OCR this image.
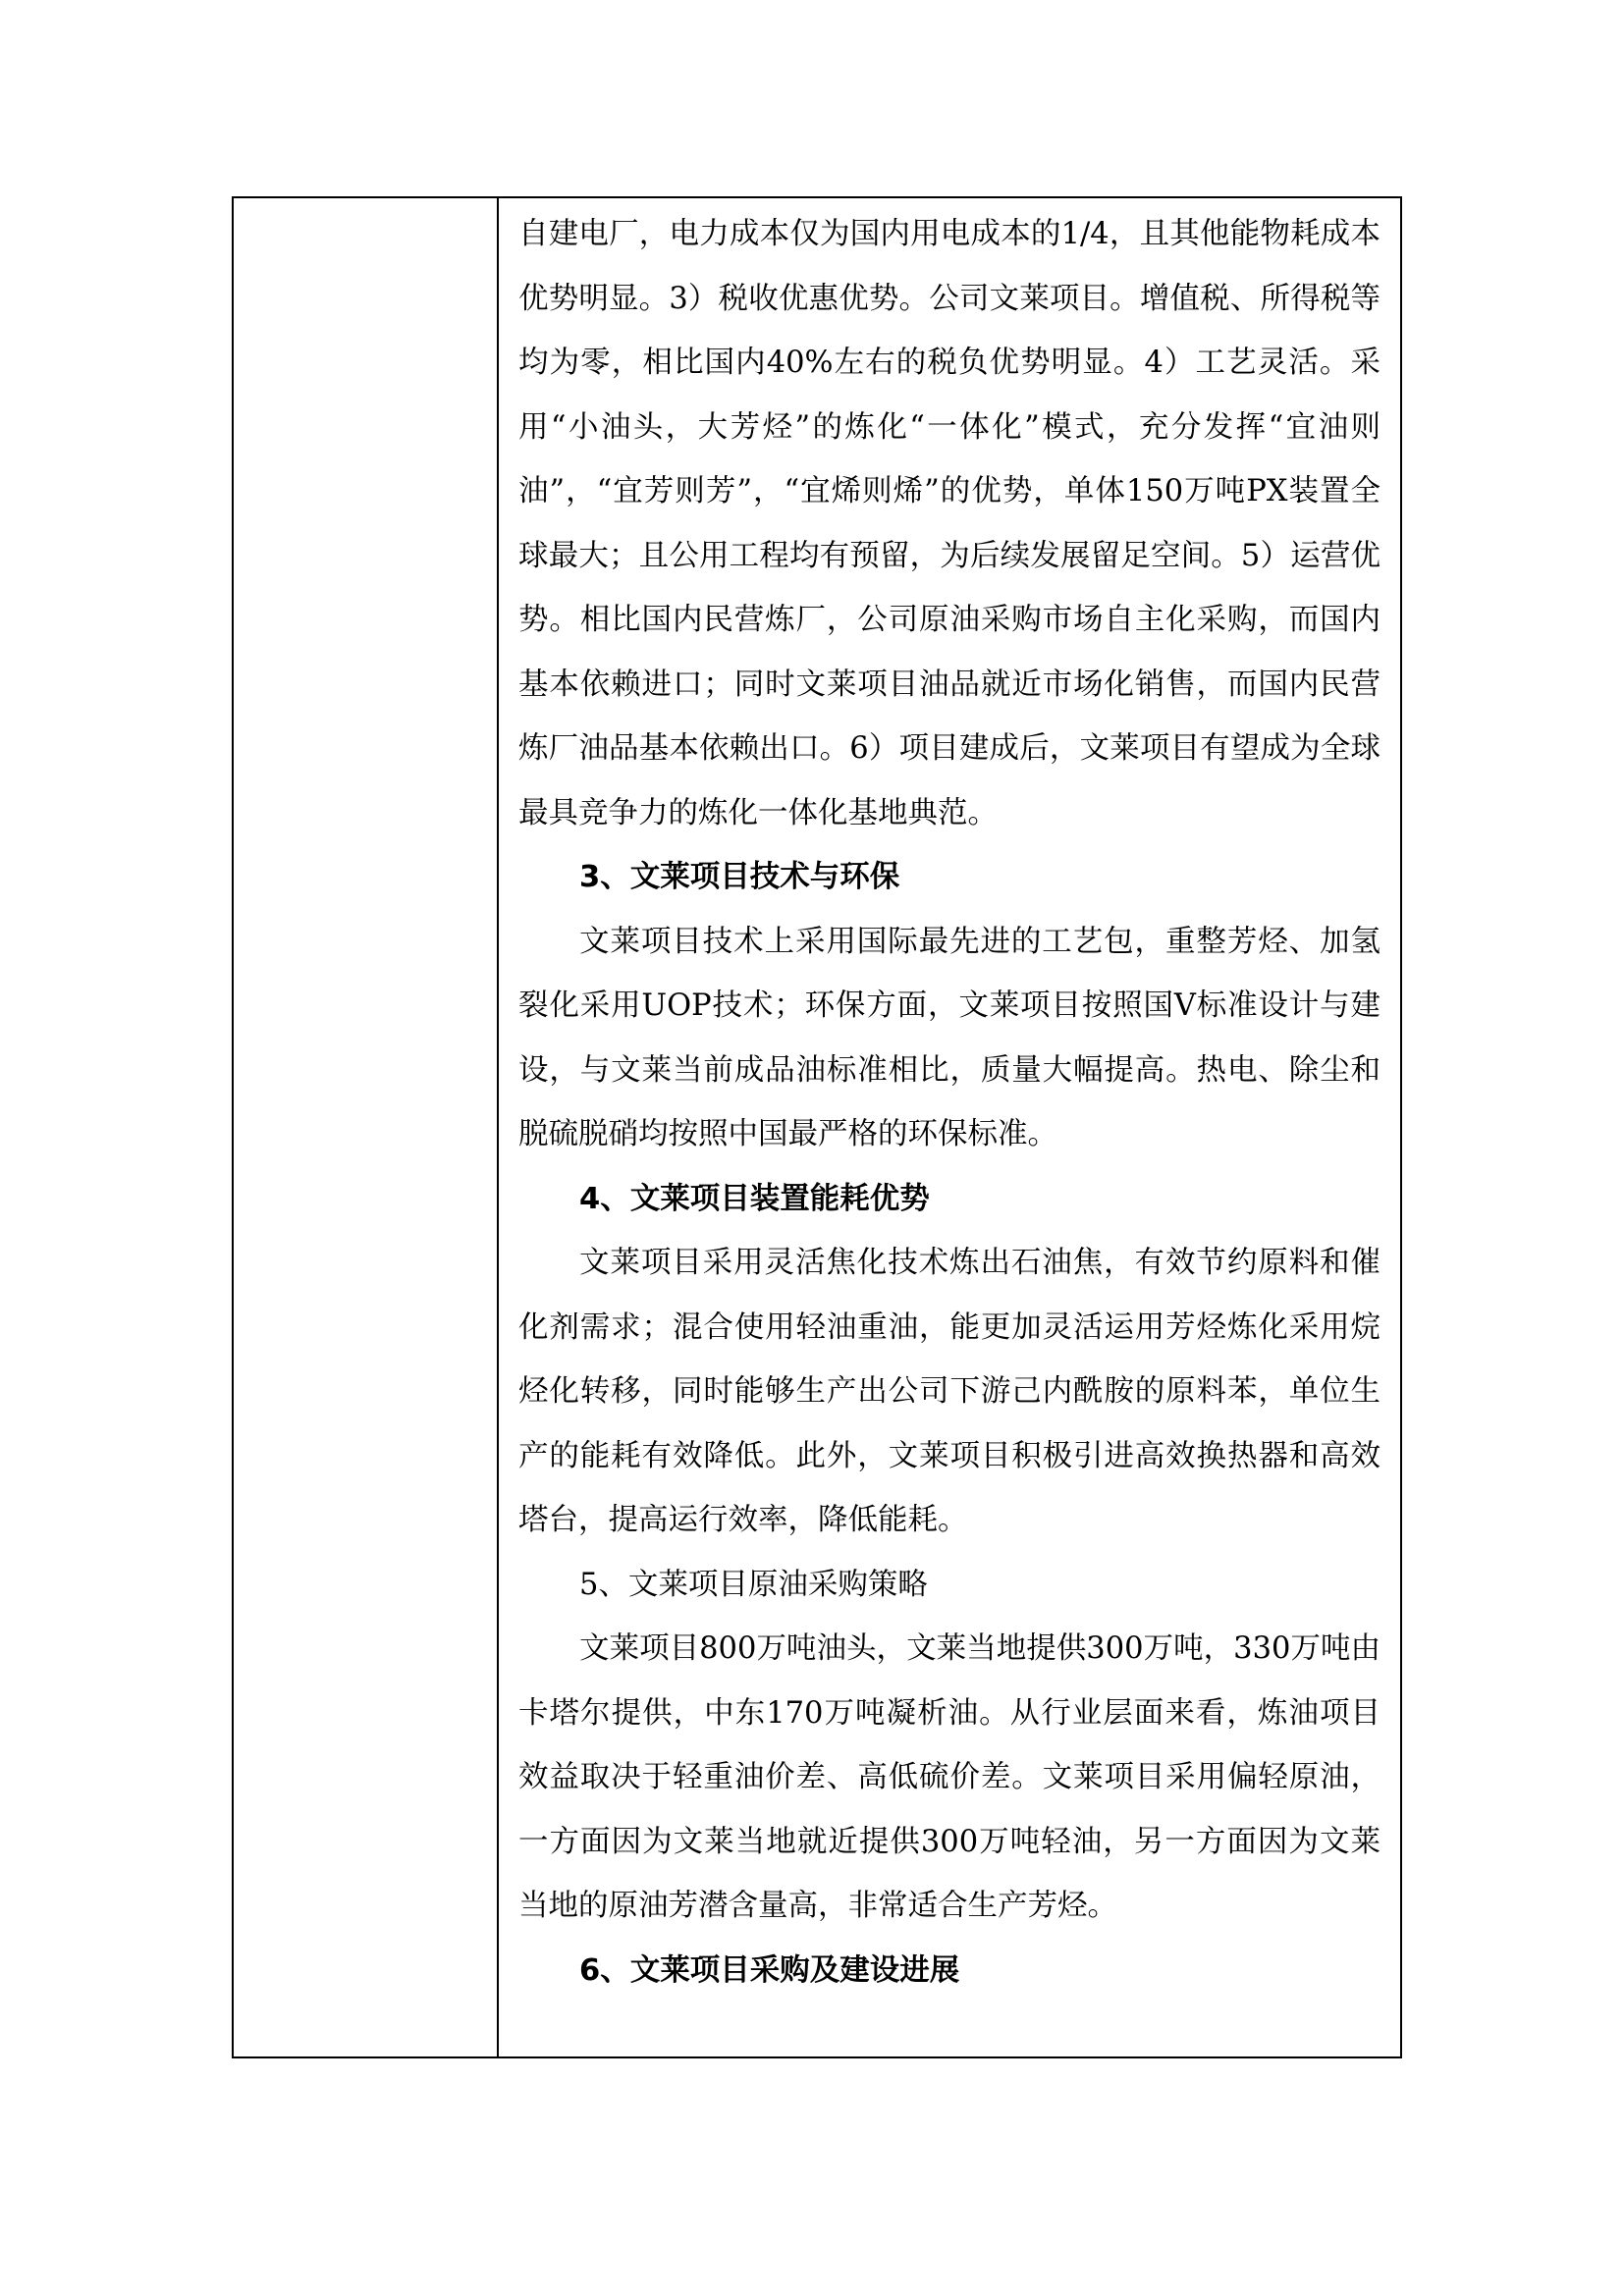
自建电厂，电力成本仅为国内用电成本的1/4，且其他能物耗成本优势明显。3）税收优惠优势。公司文莱项目。增值税、所得税等均为零，相比国内40%左右的税负优势明显。4）工艺灵活。采用“小油头，大芳烃”的炼化“一体化”模式，充分发挥“宜油则油”，“宜芳则芳”，“宜烯则烯”的优势，单体150万吨PX装置全球最大；且公用工程均有预留，为后续发展留足空间。5）运营优势。相比国内民营炼厂，公司原油采购市场自主化采购，而国内基本依赖进口；同时文莱项目油品就近市场化销售，而国内民营炼厂油品基本依赖出口。6）项目建成后，文莱项目有望成为全球最具竞争力的炼化一体化基地典范。

3、文莱项目技术与环保

文莱项目技术上采用国际最先进的工艺包，重整芳烃、加氢裂化采用UOP技术；环保方面，文莱项目按照国V标准设计与建设，与文莱当前成品油标准相比，质量大幅提高。热电、除尘和脱硫脱硝均按照中国最严格的环保标准。

4、文莱项目装置能耗优势

文莱项目采用灵活焦化技术炼出石油焦，有效节约原料和催化剂需求；混合使用轻油重油，能更加灵活运用芳烃炼化采用烷烃化转移，同时能够生产出公司下游己内酰胺的原料苯，单位生产的能耗有效降低。此外，文莱项目积极引进高效换热器和高效塔台，提高运行效率，降低能耗。

5、文莱项目原油采购策略

文莱项目800万吨油头，文莱当地提供300万吨，330万吨由卡塔尔提供，中东170万吨凝析油。从行业层面来看，炼油项目效益取决于轻重油价差、高低硫价差。文莱项目采用偏轻原油，一方面因为文莱当地就近提供300万吨轻油，另一方面因为文莱当地的原油芳潜含量高，非常适合生产芳烃。

6、文莱项目采购及建设进展
